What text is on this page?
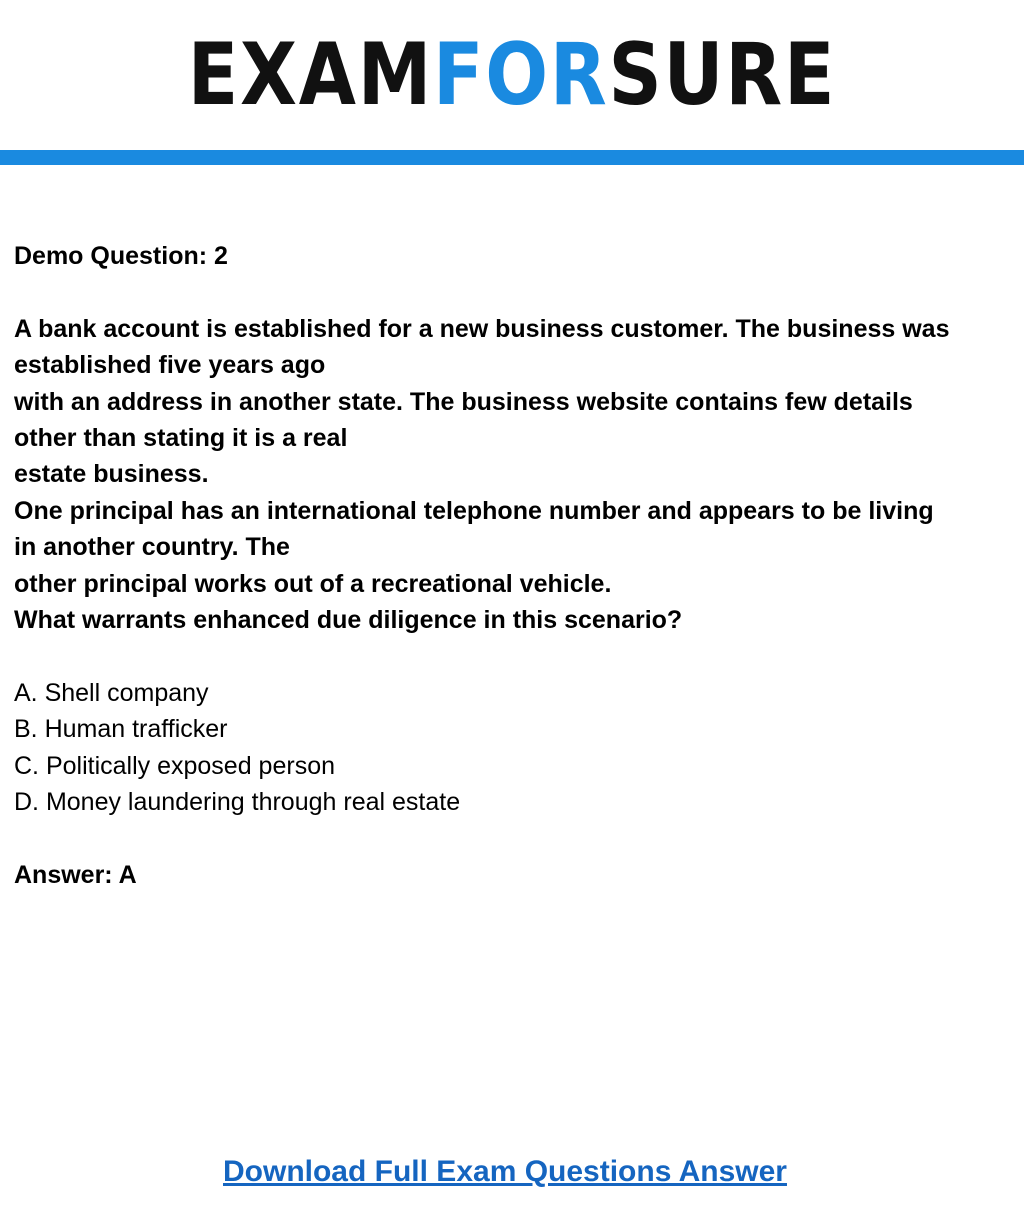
EXAMFORSURE
Demo Question: 2
A bank account is established for a new business customer. The business was
established five years ago
with an address in another state. The business website contains few details
other than stating it is a real
estate business.
One principal has an international telephone number and appears to be living
in another country. The
other principal works out of a recreational vehicle.
What warrants enhanced due diligence in this scenario?
A. Shell company
B. Human trafficker
C. Politically exposed person
D. Money laundering through real estate
Answer: A
Download Full Exam Questions Answer
